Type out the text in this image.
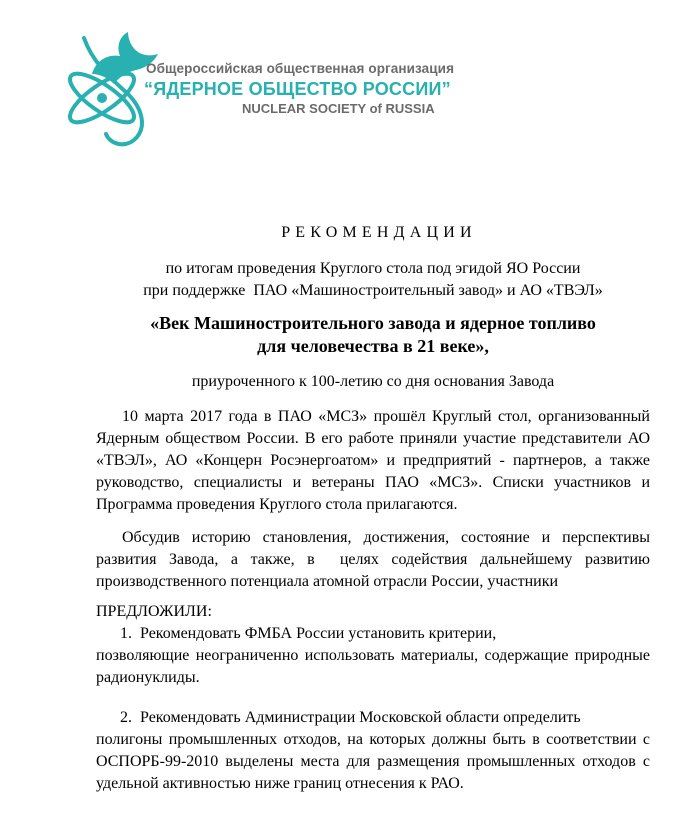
Общероссийская общественная организация
“ЯДЕРНОЕ ОБЩЕСТВО РОССИИ”
NUCLEAR SOCIETY of RUSSIA
РЕКОМЕНДАЦИИ
по итогам проведения Круглого стола под эгидой ЯО России
при поддержке  ПАО «Машиностроительный завод» и АО «ТВЭЛ»
«Век Машиностроительного завода и ядерное топливо
для человечества в 21 веке»,
приуроченного к 100-летию со дня основания Завода
10 марта 2017 года в ПАО «МСЗ» прошёл Круглый стол, организованный Ядерным обществом России. В его работе приняли участие представители АО «ТВЭЛ», АО «Концерн Росэнергоатом» и предприятий - партнеров, а также руководство, специалисты и ветераны ПАО «МСЗ». Списки участников и Программа проведения Круглого стола прилагаются.
Обсудив историю становления, достижения, состояние и перспективы развития Завода, а также, в  целях содействия дальнейшему развитию производственного потенциала атомной отрасли России, участники
ПРЕДЛОЖИЛИ:
1.  Рекомендовать ФМБА России установить критерии,
позволяющие неограниченно использовать материалы, содержащие природные радионуклиды.
2.  Рекомендовать Администрации Московской области определить
полигоны промышленных отходов, на которых должны быть в соответствии с ОСПОРБ-99-2010 выделены места для размещения промышленных отходов с удельной активностью ниже границ отнесения к РАО.
